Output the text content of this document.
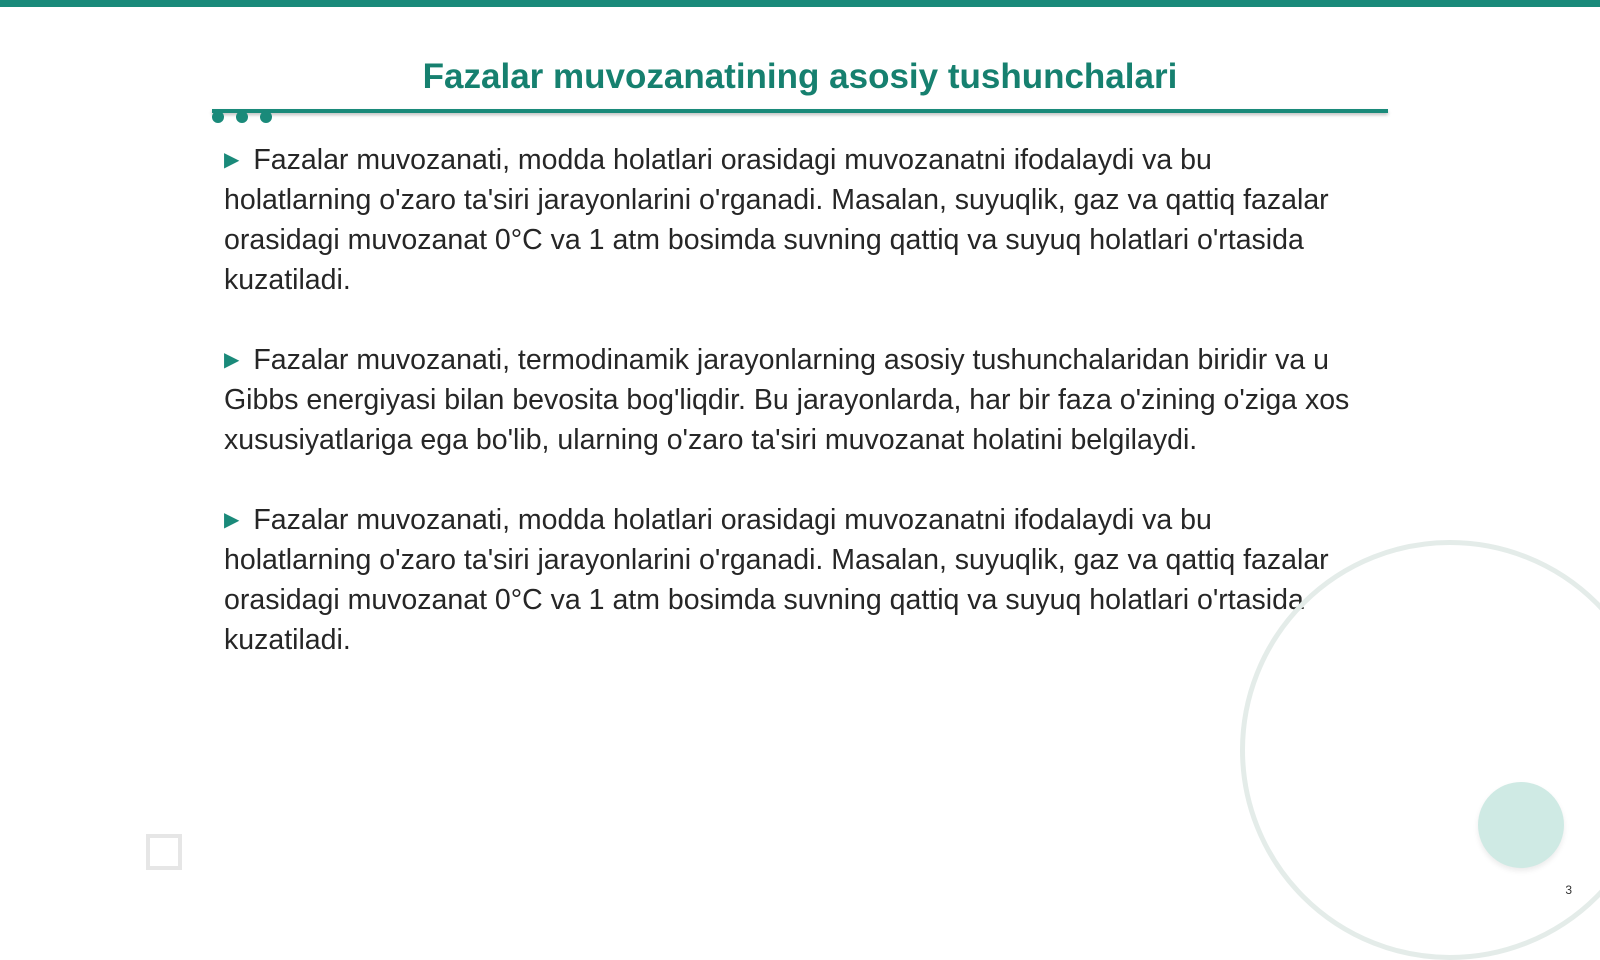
Fazalar muvozanatining asosiy tushunchalari

▶ Fazalar muvozanati, modda holatlari orasidagi muvozanatni ifodalaydi va bu holatlarning o'zaro ta'siri jarayonlarini o'rganadi. Masalan, suyuqlik, gaz va qattiq fazalar orasidagi muvozanat 0°C va 1 atm bosimda suvning qattiq va suyuq holatlari o'rtasida kuzatiladi.

▶ Fazalar muvozanati, termodinamik jarayonlarning asosiy tushunchalaridan biridir va u Gibbs energiyasi bilan bevosita bog'liqdir. Bu jarayonlarda, har bir faza o'zining o'ziga xos xususiyatlariga ega bo'lib, ularning o'zaro ta'siri muvozanat holatini belgilaydi.

▶ Fazalar muvozanati, modda holatlari orasidagi muvozanatni ifodalaydi va bu holatlarning o'zaro ta'siri jarayonlarini o'rganadi. Masalan, suyuqlik, gaz va qattiq fazalar orasidagi muvozanat 0°C va 1 atm bosimda suvning qattiq va suyuq holatlari o'rtasida kuzatiladi.

3
